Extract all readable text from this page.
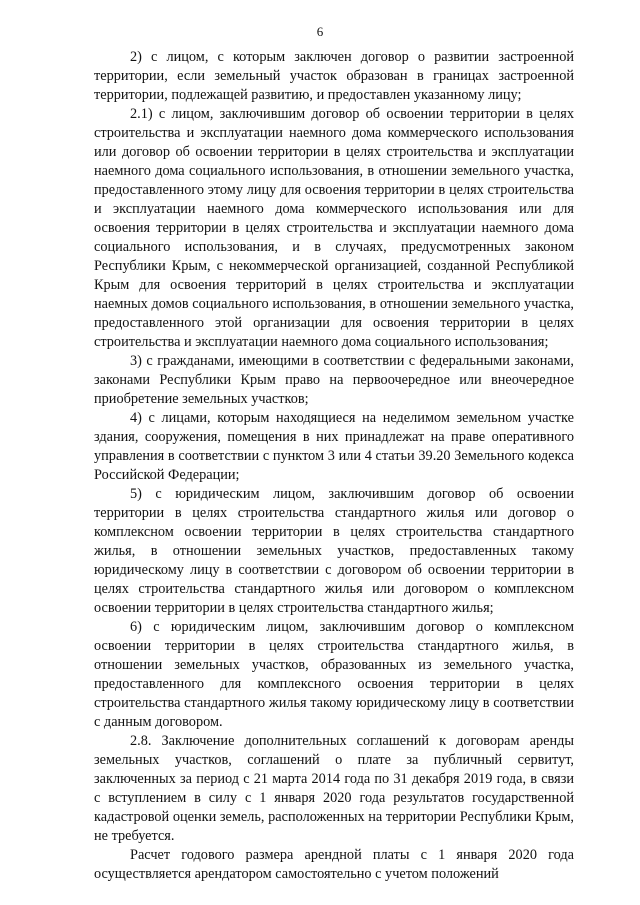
6

2) с лицом, с которым заключен договор о развитии застроенной территории, если земельный участок образован в границах застроенной территории, подлежащей развитию, и предоставлен указанному лицу;

2.1) с лицом, заключившим договор об освоении территории в целях строительства и эксплуатации наемного дома коммерческого использования или договор об освоении территории в целях строительства и эксплуатации наемного дома социального использования, в отношении земельного участка, предоставленного этому лицу для освоения территории в целях строительства и эксплуатации наемного дома коммерческого использования или для освоения территории в целях строительства и эксплуатации наемного дома социального использования, и в случаях, предусмотренных законом Республики Крым, с некоммерческой организацией, созданной Республикой Крым для освоения территорий в целях строительства и эксплуатации наемных домов социального использования, в отношении земельного участка, предоставленного этой организации для освоения территории в целях строительства и эксплуатации наемного дома социального использования;

3) с гражданами, имеющими в соответствии с федеральными законами, законами Республики Крым право на первоочередное или внеочередное приобретение земельных участков;

4) с лицами, которым находящиеся на неделимом земельном участке здания, сооружения, помещения в них принадлежат на праве оперативного управления в соответствии с пунктом 3 или 4 статьи 39.20 Земельного кодекса Российской Федерации;

5) с юридическим лицом, заключившим договор об освоении территории в целях строительства стандартного жилья или договор о комплексном освоении территории в целях строительства стандартного жилья, в отношении земельных участков, предоставленных такому юридическому лицу в соответствии с договором об освоении территории в целях строительства стандартного жилья или договором о комплексном освоении территории в целях строительства стандартного жилья;

6) с юридическим лицом, заключившим договор о комплексном освоении территории в целях строительства стандартного жилья, в отношении земельных участков, образованных из земельного участка, предоставленного для комплексного освоения территории в целях строительства стандартного жилья такому юридическому лицу в соответствии с данным договором.

2.8. Заключение дополнительных соглашений к договорам аренды земельных участков, соглашений о плате за публичный сервитут, заключенных за период с 21 марта 2014 года по 31 декабря 2019 года, в связи с вступлением в силу с 1 января 2020 года результатов государственной кадастровой оценки земель, расположенных на территории Республики Крым, не требуется.

Расчет годового размера арендной платы с 1 января 2020 года осуществляется арендатором самостоятельно с учетом положений
